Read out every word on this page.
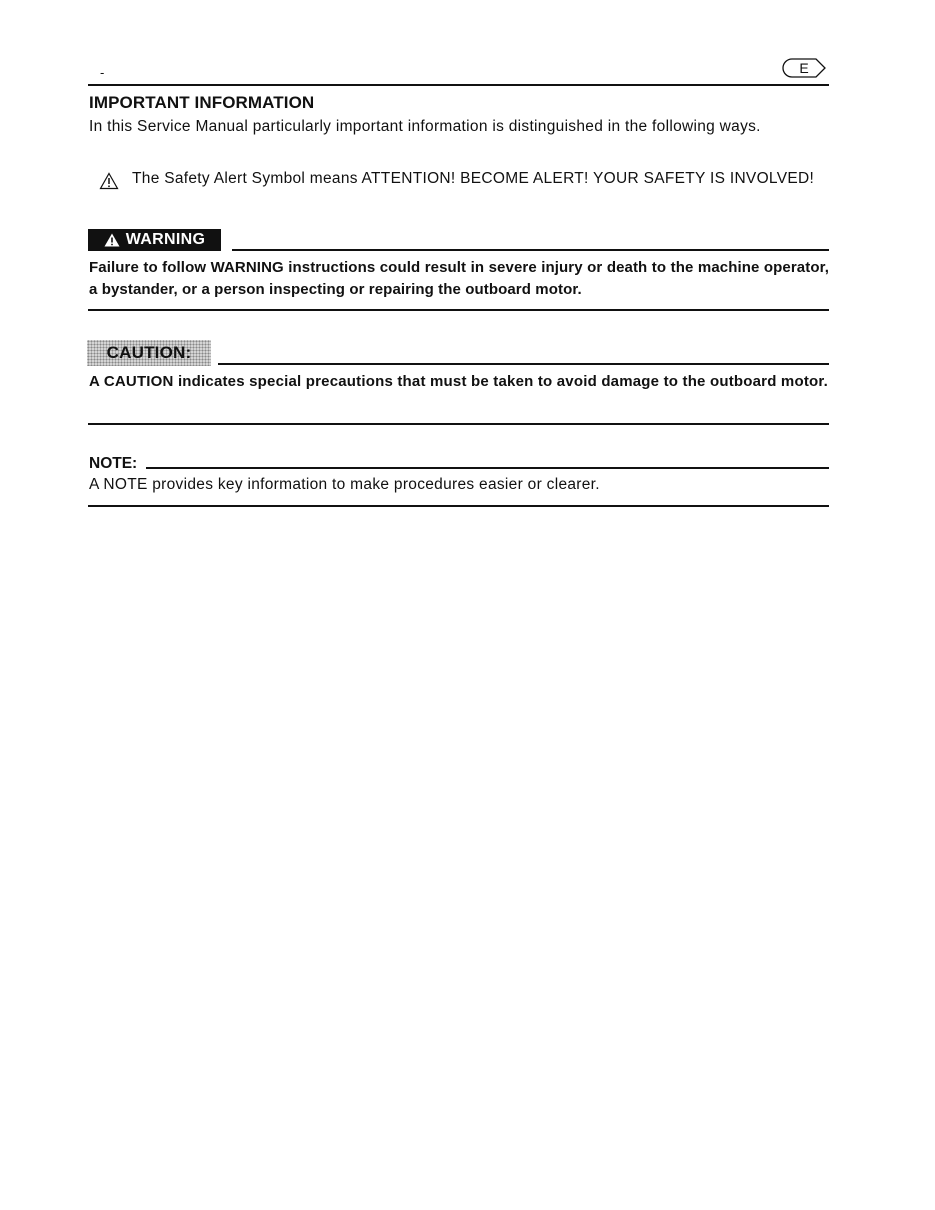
-	E
IMPORTANT INFORMATION
In this Service Manual particularly important information is distinguished in the following ways.
The Safety Alert Symbol means ATTENTION! BECOME ALERT! YOUR SAFETY IS INVOLVED!
WARNING
Failure to follow WARNING instructions could result in severe injury or death to the machine operator, a bystander, or a person inspecting or repairing the outboard motor.
CAUTION:
A CAUTION indicates special precautions that must be taken to avoid damage to the outboard motor.
NOTE:
A NOTE provides key information to make procedures easier or clearer.
